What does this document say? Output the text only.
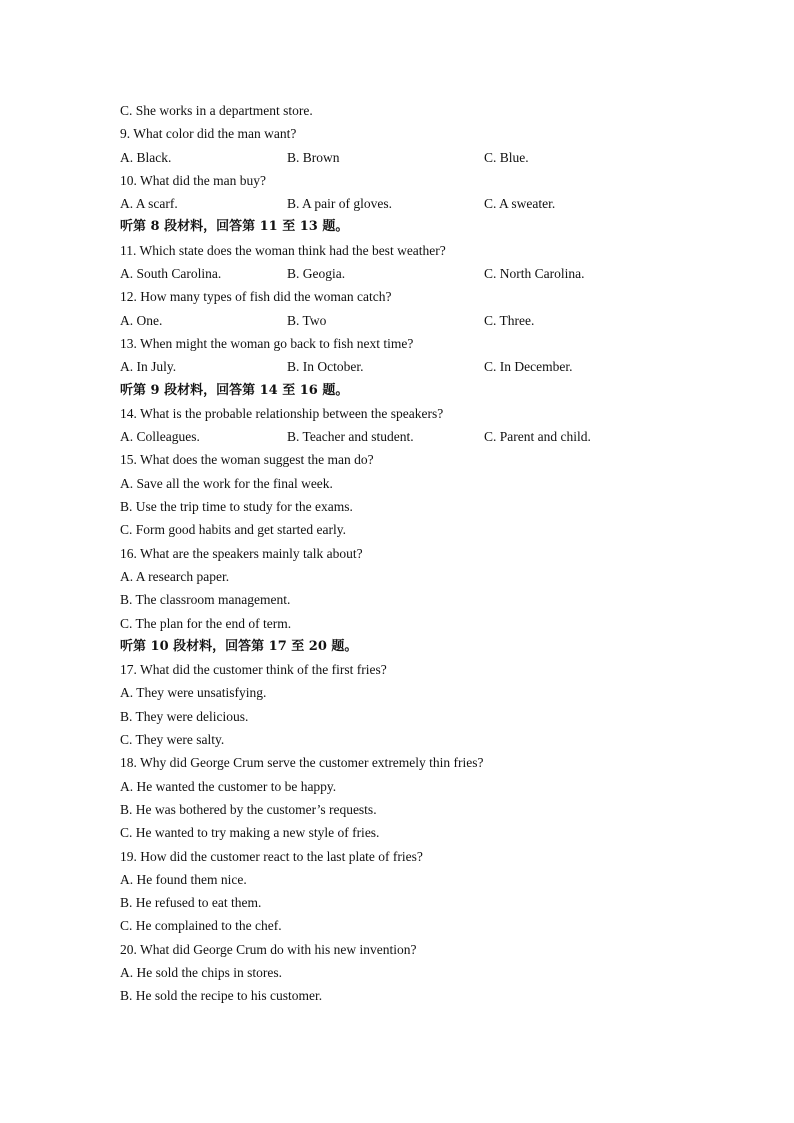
C. She works in a department store.
9. What color did the man want?
A. Black.	B. Brown	C. Blue.
10. What did the man buy?
A. A scarf.	B. A pair of gloves.	C. A sweater.
听第 8 段材料，回答第 11 至 13 题。
11. Which state does the woman think had the best weather?
A. South Carolina.	B. Geogia.	C. North Carolina.
12. How many types of fish did the woman catch?
A. One.	B. Two	C. Three.
13. When might the woman go back to fish next time?
A. In July.	B. In October.	C. In December.
听第 9 段材料，回答第 14 至 16 题。
14. What is the probable relationship between the speakers?
A. Colleagues.	B. Teacher and student.	C. Parent and child.
15. What does the woman suggest the man do?
A. Save all the work for the final week.
B. Use the trip time to study for the exams.
C. Form good habits and get started early.
16. What are the speakers mainly talk about?
A. A research paper.
B. The classroom management.
C. The plan for the end of term.
听第 10 段材料，回答第 17 至 20 题。
17. What did the customer think of the first fries?
A. They were unsatisfying.
B. They were delicious.
C. They were salty.
18. Why did George Crum serve the customer extremely thin fries?
A. He wanted the customer to be happy.
B. He was bothered by the customer’s requests.
C. He wanted to try making a new style of fries.
19. How did the customer react to the last plate of fries?
A. He found them nice.
B. He refused to eat them.
C. He complained to the chef.
20. What did George Crum do with his new invention?
A. He sold the chips in stores.
B. He sold the recipe to his customer.
